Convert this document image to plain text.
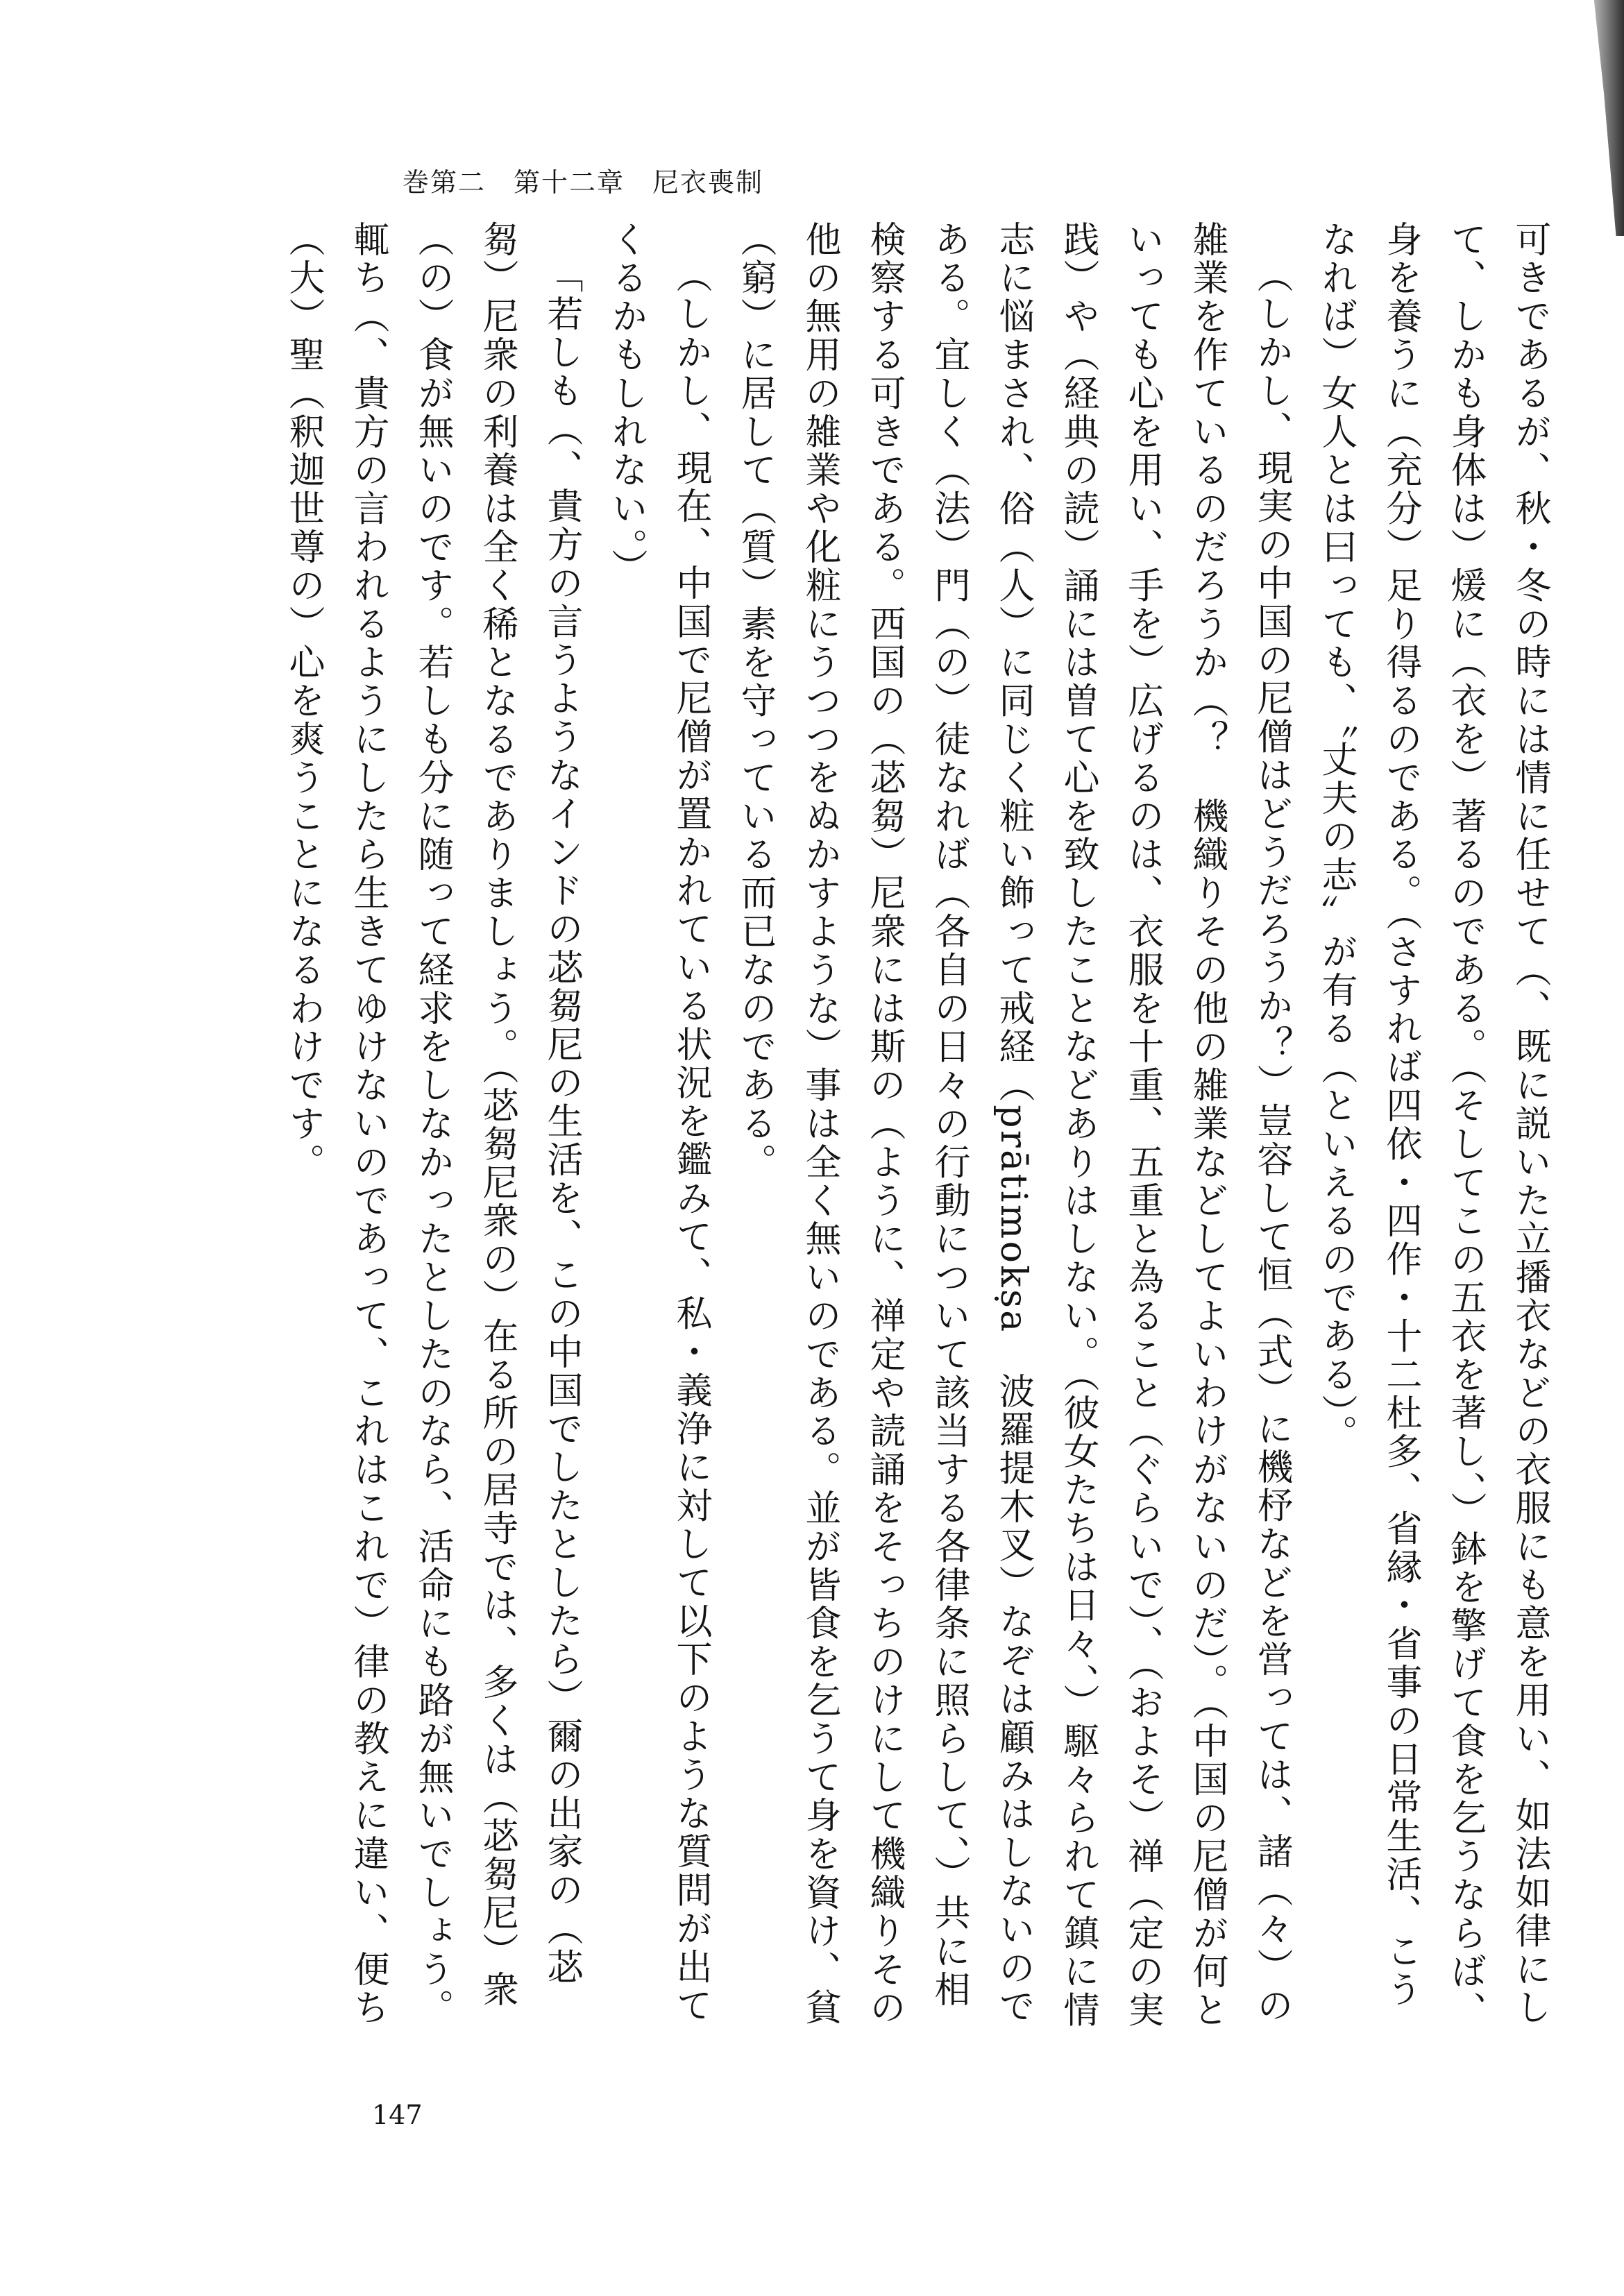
巻第二　第十二章　尼衣喪制

可きであるが、秋・冬の時には情に任せて（、既に説いた立播衣などの衣服にも意を用い、如法如律にして、しかも身体は）煖に（衣を）著るのである。（そしてこの五衣を著し、）鉢を擎げて食を乞うならば、身を養うに（充分）足り得るのである。（さすれば四依・四作・十二杜多、省縁・省事の日常生活、こうなれば）女人とは曰っても、〝丈夫の志〟が有る（といえるのである）。

（しかし、現実の中国の尼僧はどうだろうか？）豈容して恒（式）に機杼などを営っては、諸（々）の雑業を作ているのだろうか（？　機織りその他の雑業などしてよいわけがないのだ）。（中国の尼僧が何といっても心を用い、手を）広げるのは、衣服を十重、五重と為ること（ぐらいで）、（およそ）禅（定の実践）や（経典の読）誦には曽て心を致したことなどありはしない。（彼女たちは日々、）駆々られて鎮に情志に悩まされ、俗（人）に同じく粧い飾って戒経（prātimokṣa　波羅提木叉）なぞは顧みはしないのである。宜しく（法）門（の）徒なれば（各自の日々の行動について該当する各律条に照らして、）共に相検察する可きである。西国の（苾芻）尼衆には斯の（ように、禅定や読誦をそっちのけにして機織りその他の無用の雑業や化粧にうつつをぬかすような）事は全く無いのである。並が皆食を乞うて身を資け、貧（窮）に居して（質）素を守っている而已なのである。

（しかし、現在、中国で尼僧が置かれている状況を鑑みて、私・義浄に対して以下のような質問が出てくるかもしれない。）

「若しも（、貴方の言うようなインドの苾芻尼の生活を、この中国でしたとしたら）爾の出家の（苾芻）尼衆の利養は全く稀となるでありましょう。（苾芻尼衆の）在る所の居寺では、多くは（苾芻尼）衆（の）食が無いのです。若しも分に随って経求をしなかったとしたのなら、活命にも路が無いでしょう。輒ち（、貴方の言われるようにしたら生きてゆけないのであって、これはこれで）律の教えに違い、便ち（大）聖（釈迦世尊の）心を爽うことになるわけです。

147
